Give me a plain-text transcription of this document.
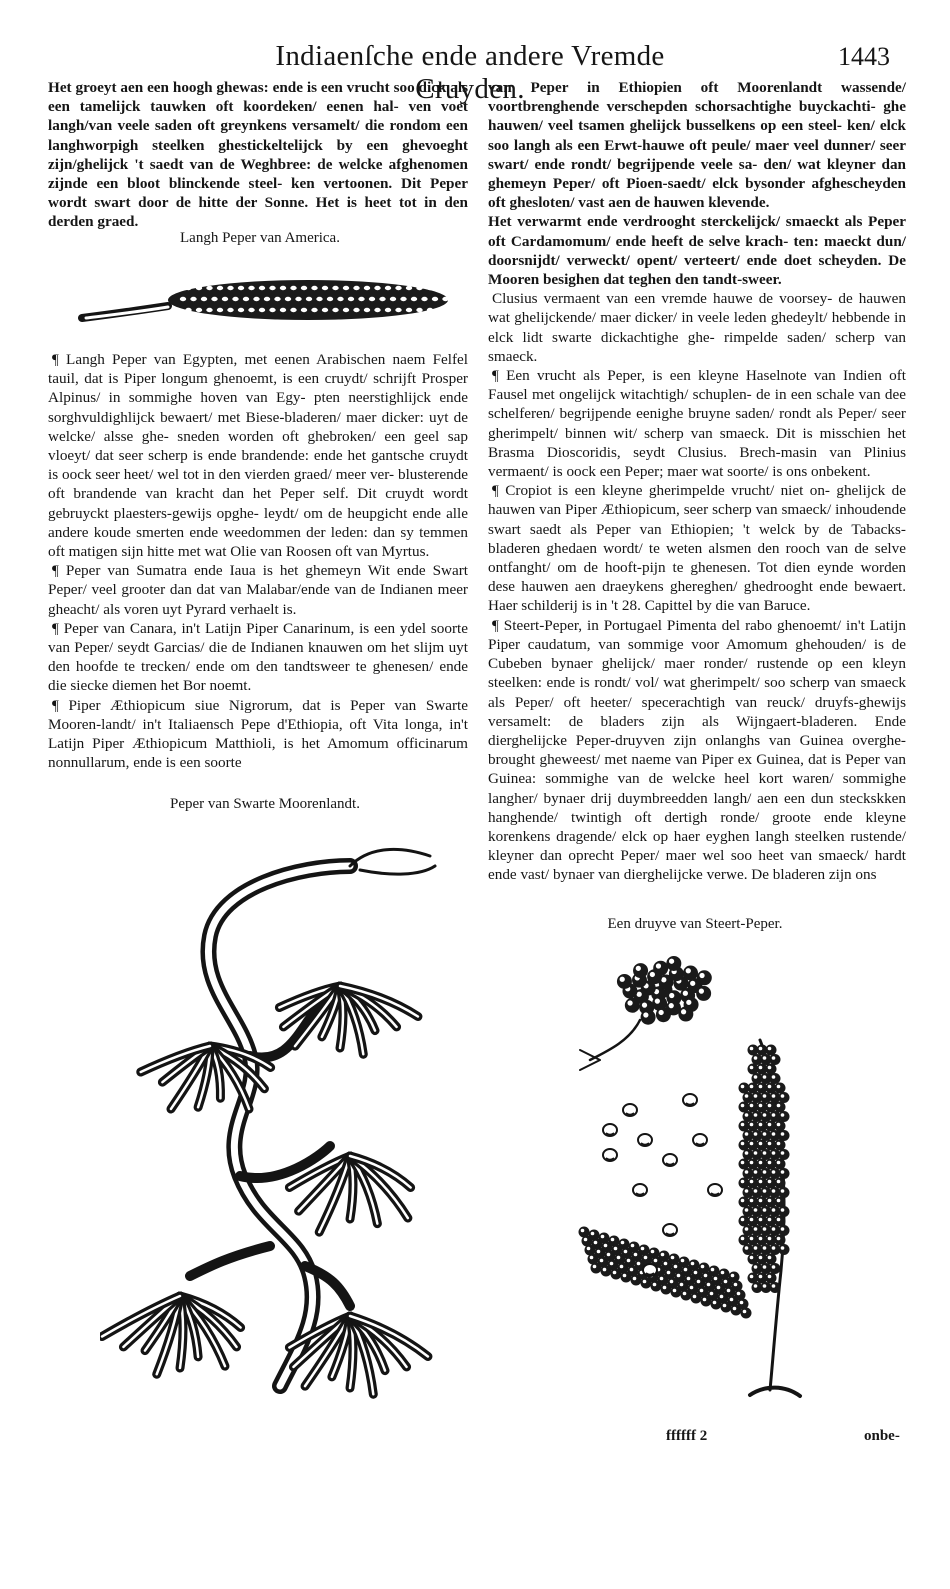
Indiaenſche ende andere Vremde Cruyden.
1443

Het groeyt aen een hoogh ghewas: ende is een vrucht soo dick als een tamelijck tauwken oft koordeken/ eenen hal- ven voet langh/van veele saden oft greynkens versamelt/ die rondom een langhworpigh steelken ghestickeltelijck by een ghevoeght zijn/ghelijck 't saedt van de Weghbree: de welcke afghenomen zijnde een bloot blinckende steel- ken vertoonen. Dit Peper wordt swart door de hitte der Sonne. Het is heet tot in den derden graed.

Langh Peper van America.

¶ Langh Peper van Egypten, met eenen Arabischen naem Felfel tauil, dat is Piper longum ghenoemt, is een cruydt/ schrijft Prosper Alpinus/ in sommighe hoven van Egy- pten neerstighlijck ende sorghvuldighlijck bewaert/ met Biese-bladeren/ maer dicker: uyt de welcke/ alsse ghe- sneden worden oft ghebroken/ een geel sap vloeyt/ dat seer scherp is ende brandende: ende het gantsche cruydt is oock seer heet/ wel tot in den vierden graed/ meer ver- blusterende oft brandende van kracht dan het Peper self. Dit cruydt wordt gebruyckt plaesters-gewijs opghe- leydt/ om de heupgicht ende alle andere koude smerten ende weedommen der leden: dan sy temmen oft matigen sijn hitte met wat Olie van Roosen oft van Myrtus.

¶ Peper van Sumatra ende Iaua is het ghemeyn Wit ende Swart Peper/ veel grooter dan dat van Malabar/ende van de Indianen meer gheacht/ als voren uyt Pyrard verhaelt is.

¶ Peper van Canara, in't Latijn Piper Canarinum, is een ydel soorte van Peper/ seydt Garcias/ die de Indianen knauwen om het slijm uyt den hoofde te trecken/ ende om den tandtsweer te ghenesen/ ende die siecke diemen het Bor noemt.

¶ Piper Æthiopicum siue Nigrorum, dat is Peper van Swarte Mooren-landt/ in't Italiaensch Pepe d'Ethiopia, oft Vita longa, in't Latijn Piper Æthiopicum Matthioli, is het Amomum officinarum nonnullarum, ende is een soorte

Peper van Swarte Moorenlandt.

van Peper in Ethiopien oft Moorenlandt wassende/ voortbrenghende verschepden schorsachtighe buyckachti- ghe hauwen/ veel tsamen ghelijck busselkens op een steel- ken/ elck soo langh als een Erwt-hauwe oft peule/ maer veel dunner/ seer swart/ ende rondt/ begrijpende veele sa- den/ wat kleyner dan ghemeyn Peper/ oft Pioen-saedt/ elck bysonder afghescheyden oft ghesloten/ vast aen de hauwen klevende.

Het verwarmt ende verdrooght sterckelijck/ smaeckt als Peper oft Cardamomum/ ende heeft de selve krach- ten: maeckt dun/ doorsnijdt/ verweckt/ opent/ verteert/ ende doet scheyden. De Mooren besighen dat teghen den tandt-sweer.

Clusius vermaent van een vremde hauwe de voorsey- de hauwen wat ghelijckende/ maer dicker/ in veele leden ghedeylt/ hebbende in elck lidt swarte dickachtighe ghe- rimpelde saden/ scherp van smaeck.

¶ Een vrucht als Peper, is een kleyne Haselnote van Indien oft Fausel met ongelijck witachtigh/ schuplen- de in een schale van dee schelferen/ begrijpende eenighe bruyne saden/ rondt als Peper/ seer gherimpelt/ binnen wit/ scherp van smaeck. Dit is misschien het Brasma Dioscoridis, seydt Clusius. Brech-masin van Plinius vermaent/ is oock een Peper; maer wat soorte/ is ons onbekent.

¶ Cropiot is een kleyne gherimpelde vrucht/ niet on- ghelijck de hauwen van Piper Æthiopicum, seer scherp van smaeck/ inhoudende swart saedt als Peper van Ethiopien; 't welck by de Tabacks-bladeren ghedaen wordt/ te weten alsmen den rooch van de selve ontfanght/ om de hooft-pijn te ghenesen. Tot dien eynde worden dese hauwen aen draeykens ghereghen/ ghedrooght ende bewaert. Haer schilderij is in 't 28. Capittel by die van Baruce.

¶ Steert-Peper, in Portugael Pimenta del rabo ghenoemt/ in't Latijn Piper caudatum, van sommige voor Amomum ghehouden/ is de Cubeben bynaer ghelijck/ maer ronder/ rustende op een kleyn steelken: ende is rondt/ vol/ wat gherimpelt/ soo scherp van smaeck als Peper/ oft heeter/ specerachtigh van reuck/ druyfs-ghewijs versamelt: de bladers zijn als Wijngaert-bladeren. Ende dierghelijcke Peper-druyven zijn onlanghs van Guinea overghe- brought gheweest/ met naeme van Piper ex Guinea, dat is Peper van Guinea: sommighe van de welcke heel kort waren/ sommighe langher/ bynaer drij duymbreedden langh/ aen een dun steckskken hanghende/ twintigh oft dertigh ronde/ groote ende kleyne korenkens dragende/ elck op haer eyghen langh steelken rustende/ kleyner dan oprecht Peper/ maer wel soo heet van smaeck/ hardt ende vast/ bynaer van dierghelijcke verwe. De bladeren zijn ons

Een druyve van Steert-Peper.
ffffff 2	onbe-
